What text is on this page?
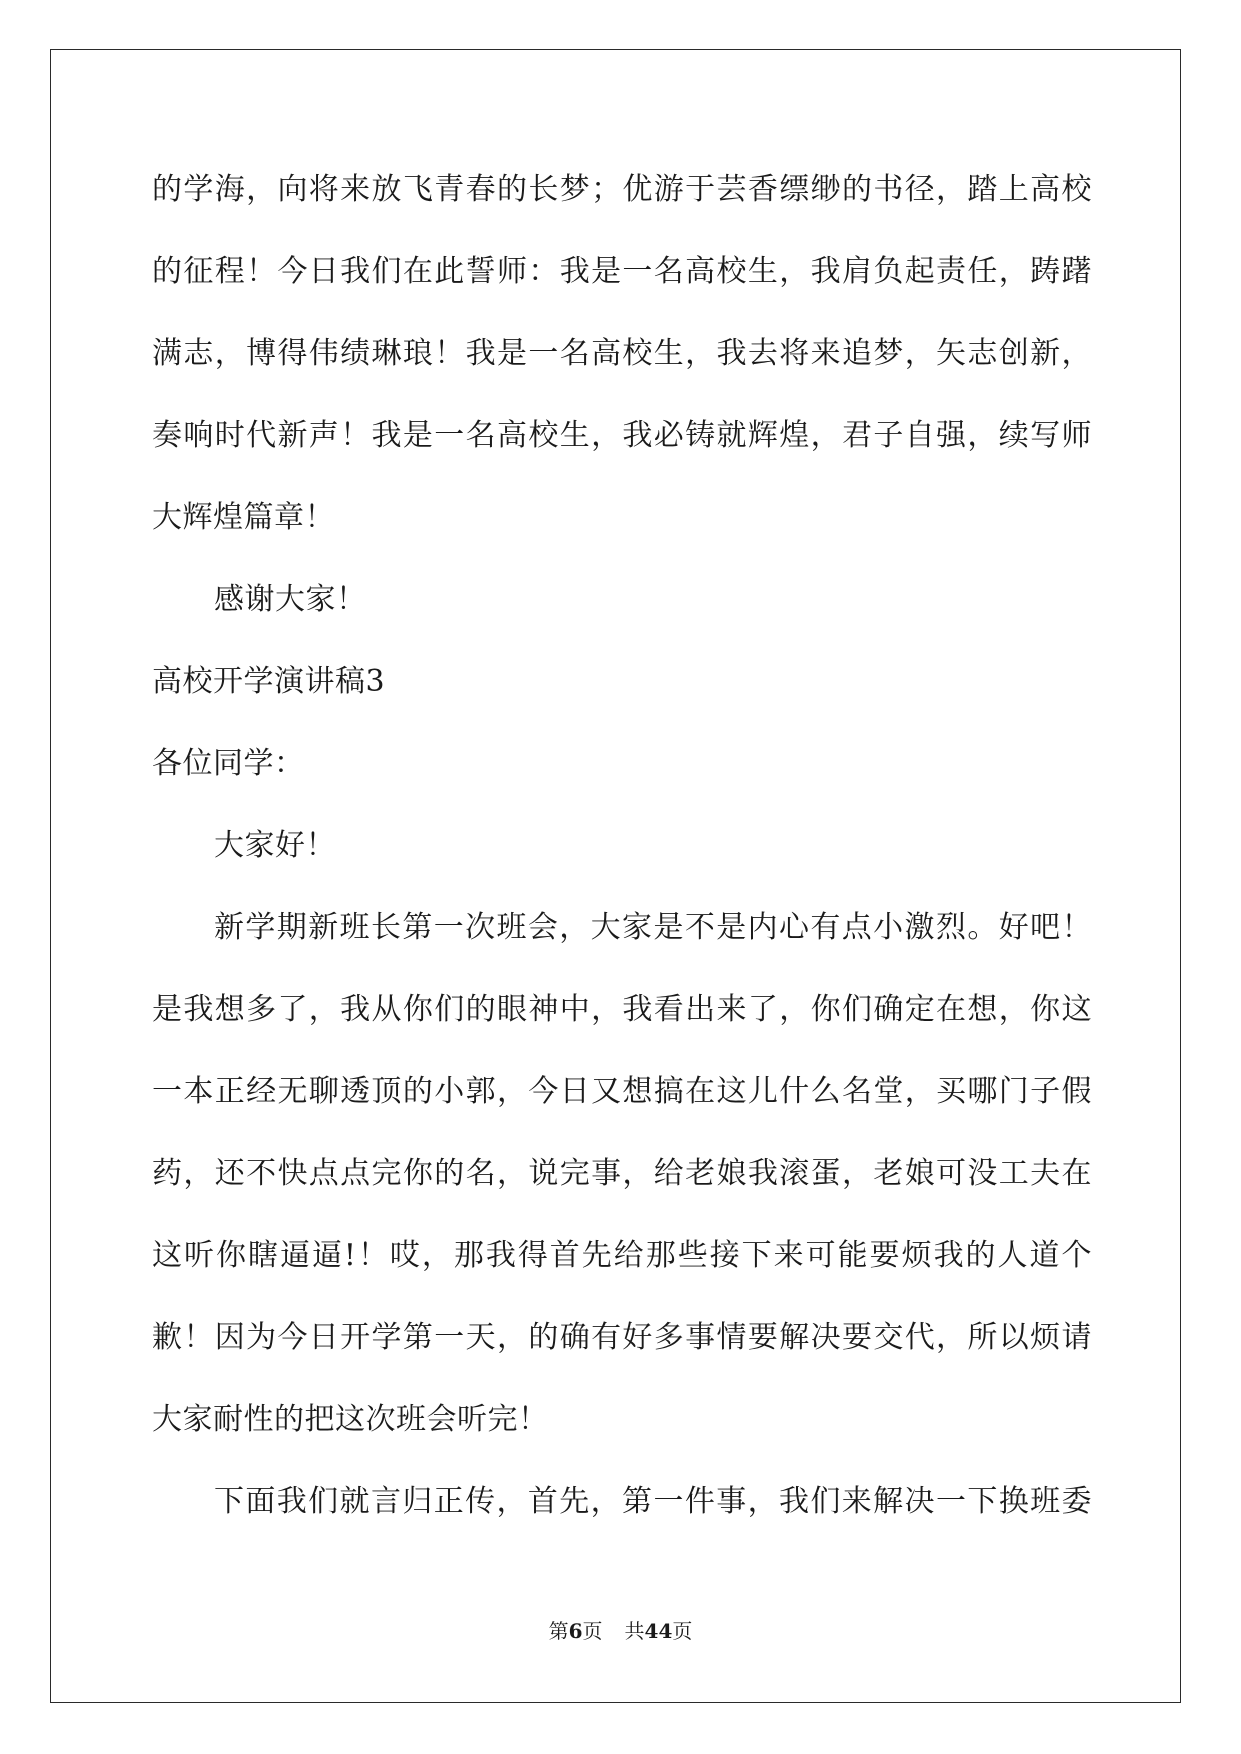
的学海，向将来放飞青春的长梦；优游于芸香缥缈的书径，踏上高校
的征程！今日我们在此誓师：我是一名高校生，我肩负起责任，踌躇
满志，博得伟绩琳琅！我是一名高校生，我去将来追梦，矢志创新，
奏响时代新声！我是一名高校生，我必铸就辉煌，君子自强，续写师
大辉煌篇章！
感谢大家！
高校开学演讲稿3
各位同学：
大家好！
新学期新班长第一次班会，大家是不是内心有点小激烈。好吧！
是我想多了，我从你们的眼神中，我看出来了，你们确定在想，你这
一本正经无聊透顶的小郭，今日又想搞在这儿什么名堂，买哪门子假
药，还不快点点完你的名，说完事，给老娘我滚蛋，老娘可没工夫在
这听你瞎逼逼!！哎，那我得首先给那些接下来可能要烦我的人道个
歉！因为今日开学第一天，的确有好多事情要解决要交代，所以烦请
大家耐性的把这次班会听完！
下面我们就言归正传，首先，第一件事，我们来解决一下换班委
第6页 共44页
